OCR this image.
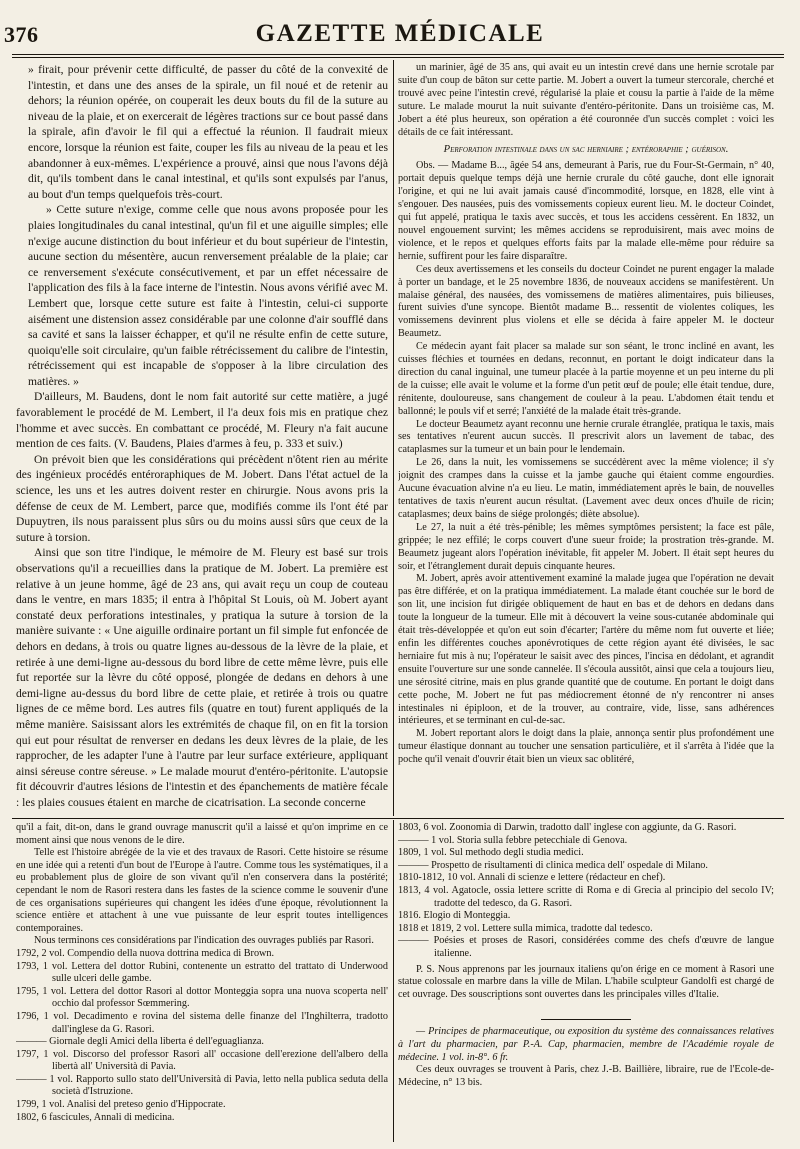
376	GAZETTE MÉDICALE

» firait, pour prévenir cette difficulté, de passer du côté de la convexité de l'intestin, et dans une des anses de la spirale, un fil noué et de retenir au dehors; la réunion opérée, on couperait les deux bouts du fil de la suture au niveau de la plaie, et on exercerait de légères tractions sur ce bout passé dans la spirale, afin d'avoir le fil qui a effectué la réunion. Il faudrait mieux encore, lorsque la réunion est faite, couper les fils au niveau de la peau et les abandonner à eux-mêmes. L'expérience a prouvé, ainsi que nous l'avons déjà dit, qu'ils tombent dans le canal intestinal, et qu'ils sont expulsés par l'anus, au bout d'un temps quelquefois très-court.

» Cette suture n'exige, comme celle que nous avons proposée pour les plaies longitudinales du canal intestinal, qu'un fil et une aiguille simples; elle n'exige aucune distinction du bout inférieur et du bout supérieur de l'intestin, aucune section du mésentère, aucun renversement préalable de la plaie; car ce renversement s'exécute consécutivement, et par un effet nécessaire de l'application des fils à la face interne de l'intestin. Nous avons vérifié avec M. Lembert que, lorsque cette suture est faite à l'intestin, celui-ci supporte aisément une distension assez considérable par une colonne d'air soufflé dans sa cavité et sans la laisser échapper, et qu'il ne résulte enfin de cette suture, quoiqu'elle soit circulaire, qu'un faible rétrécissement du calibre de l'intestin, rétrécissement qui est incapable de s'opposer à la libre circulation des matières. »

D'ailleurs, M. Baudens, dont le nom fait autorité sur cette matière, a jugé favorablement le procédé de M. Lembert, il l'a deux fois mis en pratique chez l'homme et avec succès. En combattant ce procédé, M. Fleury n'a fait aucune mention de ces faits. (V. Baudens, Plaies d'armes à feu, p. 333 et suiv.)

On prévoit bien que les considérations qui précèdent n'ôtent rien au mérite des ingénieux procédés entéroraphiques de M. Jobert. Dans l'état actuel de la science, les uns et les autres doivent rester en chirurgie. Nous avons pris la défense de ceux de M. Lembert, parce que, modifiés comme ils l'ont été par Dupuytren, ils nous paraissent plus sûrs ou du moins aussi sûrs que ceux de la suture à torsion.

Ainsi que son titre l'indique, le mémoire de M. Fleury est basé sur trois observations qu'il a recueillies dans la pratique de M. Jobert. La première est relative à un jeune homme, âgé de 23 ans, qui avait reçu un coup de couteau dans le ventre, en mars 1835; il entra à l'hôpital St Louis, où M. Jobert ayant constaté deux perforations intestinales, y pratiqua la suture à torsion de la manière suivante : « Une aiguille ordinaire portant un fil simple fut enfoncée de dehors en dedans, à trois ou quatre lignes au-dessous de la lèvre de la plaie, et retirée à une demi-ligne au-dessous du bord libre de cette même lèvre, puis elle fut reportée sur la lèvre du côté opposé, plongée de dedans en dehors à une demi-ligne au-dessus du bord libre de cette plaie, et retirée à trois ou quatre lignes de ce même bord. Les autres fils (quatre en tout) furent appliqués de la même manière. Saisissant alors les extrémités de chaque fil, on en fit la torsion qui eut pour résultat de renverser en dedans les deux lèvres de la plaie, de les rapprocher, de les adapter l'une à l'autre par leur surface extérieure, appliquant ainsi séreuse contre séreuse. » Le malade mourut d'entéro-péritonite. L'autopsie fit découvrir d'autres lésions de l'intestin et des épanchements de matière fécale : les plaies cousues étaient en marche de cicatrisation. La seconde concerne

un marinier, âgé de 35 ans, qui avait eu un intestin crevé dans une hernie scrotale par suite d'un coup de bâton sur cette partie. M. Jobert a ouvert la tumeur stercorale, cherché et trouvé avec peine l'intestin crevé, régularisé la plaie et cousu la partie à l'aide de la même suture. Le malade mourut la nuit suivante d'entéro-péritonite. Dans un troisième cas, M. Jobert a été plus heureux, son opération a été couronnée d'un succès complet : voici les détails de ce fait intéressant.

Perforation intestinale dans un sac herniaire ; entéroraphie ; guérison.

Obs. — Madame B..., âgée 54 ans, demeurant à Paris, rue du Four-St-Germain, n° 40, portait depuis quelque temps déjà une hernie crurale du côté gauche, dont elle ignorait l'origine, et qui ne lui avait jamais causé d'incommodité, lorsque, en 1828, elle vint à s'engouer. Des nausées, puis des vomissements copieux eurent lieu. M. le docteur Coindet, qui fut appelé, pratiqua le taxis avec succès, et tous les accidens cessèrent. En 1832, un nouvel engouement survint; les mêmes accidens se reproduisirent, mais avec moins de violence, et le repos et quelques efforts faits par la malade elle-même pour réduire sa hernie, suffirent pour les faire disparaître.

Ces deux avertissemens et les conseils du docteur Coindet ne purent engager la malade à porter un bandage, et le 25 novembre 1836, de nouveaux accidens se manifestèrent. Un malaise général, des nausées, des vomissemens de matières alimentaires, puis bilieuses, furent suivies d'une syncope. Bientôt madame B... ressentit de violentes coliques, les vomissemens devinrent plus violens et elle se décida à faire appeler M. le docteur Beaumetz.

Ce médecin ayant fait placer sa malade sur son séant, le tronc incliné en avant, les cuisses fléchies et tournées en dedans, reconnut, en portant le doigt indicateur dans la direction du canal inguinal, une tumeur placée à la partie moyenne et un peu interne du pli de la cuisse; elle avait le volume et la forme d'un petit œuf de poule; elle était tendue, dure, rénitente, douloureuse, sans changement de couleur à la peau. L'abdomen était tendu et ballonné; le pouls vif et serré; l'anxiété de la malade était très-grande.

Le docteur Beaumetz ayant reconnu une hernie crurale étranglée, pratiqua le taxis, mais ses tentatives n'eurent aucun succès. Il prescrivit alors un lavement de tabac, des cataplasmes sur la tumeur et un bain pour le lendemain.

Le 26, dans la nuit, les vomissemens se succédèrent avec la même violence; il s'y joignit des crampes dans la cuisse et la jambe gauche qui étaient comme engourdies. Aucune évacuation alvine n'a eu lieu. Le matin, immédiatement après le bain, de nouvelles tentatives de taxis n'eurent aucun résultat. (Lavement avec deux onces d'huile de ricin; cataplasmes; deux bains de siége prolongés; diète absolue).

Le 27, la nuit a été très-pénible; les mêmes symptômes persistent; la face est pâle, grippée; le nez effilé; le corps couvert d'une sueur froide; la prostration très-grande. M. Beaumetz jugeant alors l'opération inévitable, fit appeler M. Jobert. Il était sept heures du soir, et l'étranglement durait depuis cinquante heures.

M. Jobert, après avoir attentivement examiné la malade jugea que l'opération ne devait pas être différée, et on la pratiqua immédiatement. La malade étant couchée sur le bord de son lit, une incision fut dirigée obliquement de haut en bas et de dehors en dedans dans toute la longueur de la tumeur. Elle mit à découvert la veine sous-cutanée abdominale qui était très-développée et qu'on eut soin d'écarter; l'artère du même nom fut ouverte et liée; enfin les différentes couches aponévrotiques de cette région ayant été divisées, le sac herniaire fut mis à nu; l'opérateur le saisit avec des pinces, l'incisa en dédolant, et agrandit ensuite l'ouverture sur une sonde cannelée. Il s'écoula aussitôt, ainsi que cela a toujours lieu, une sérosité citrine, mais en plus grande quantité que de coutume. En portant le doigt dans cette poche, M. Jobert ne fut pas médiocrement étonné de n'y rencontrer ni anses intestinales ni épiploon, et de la trouver, au contraire, vide, lisse, sans adhérences intérieures, et se terminant en cul-de-sac.

M. Jobert reportant alors le doigt dans la plaie, annonça sentir plus profondément une tumeur élastique donnant au toucher une sensation particulière, et il s'arrêta à l'idée que la poche qu'il venait d'ouvrir était bien un vieux sac oblitéré,

qu'il a fait, dit-on, dans le grand ouvrage manuscrit qu'il a laissé et qu'on imprime en ce moment ainsi que nous venons de le dire.

Telle est l'histoire abrégée de la vie et des travaux de Rasori. Cette histoire se résume en une idée qui a retenti d'un bout de l'Europe à l'autre. Comme tous les systématiques, il a eu probablement plus de gloire de son vivant qu'il n'en conservera dans la postérité; cependant le nom de Rasori restera dans les fastes de la science comme le souvenir d'une de ces organisations supérieures qui changent les idées d'une époque, révolutionnent la science entière et attachent à une vue puissante de leur esprit toutes intelligences contemporaines.

Nous terminons ces considérations par l'indication des ouvrages publiés par Rasori.

1792, 2 vol. Compendio della nuova dottrina medica di Brown.

1793, 1 vol. Lettera del dottor Rubini, contenente un estratto del trattato di Underwood sulle ulceri delle gambe.

1795, 1 vol. Lettera del dottor Rasori al dottor Monteggia sopra una nuova scoperta nell' occhio dal professor Sœmmering.

1796, 1 vol. Decadimento e rovina del sistema delle finanze del l'Inghilterra, tradotto dall'inglese da G. Rasori.

——— Giornale degli Amici della liberta é dell'eguaglianza.

1797, 1 vol. Discorso del professor Rasori all' occasione dell'erezione dell'albero della libertà all' Università di Pavia.

——— 1 vol. Rapporto sullo stato dell'Università di Pavia, letto nella publica seduta della società d'Istruzione.

1799, 1 vol. Analisi del preteso genio d'Hippocrate.

1802, 6 fascicules, Annali di medicina.

1803, 6 vol. Zoonomia di Darwin, tradotto dall' inglese con aggiunte, da G. Rasori.

——— 1 vol. Storia sulla febbre petecchiale di Genova.

1809, 1 vol. Sul methodo degli studia medici.

——— Prospetto de risultamenti di clinica medica dell' ospedale di Milano.

1810-1812, 10 vol. Annali di scienze e lettere (rédacteur en chef).

1813, 4 vol. Agatocle, ossia lettere scritte di Roma e di Grecia al principio del secolo IV; tradotte del tedesco, da G. Rasori.

1816. Elogio di Monteggia.

1818 et 1819, 2 vol. Lettere sulla mimica, tradotte dal tedesco.

——— Poésies et proses de Rasori, considérées comme des chefs d'œuvre de langue italienne.

P. S. Nous apprenons par les journaux italiens qu'on érige en ce moment à Rasori une statue colossale en marbre dans la ville de Milan. L'habile sculpteur Gandolfi est chargé de cet ouvrage. Des souscriptions sont ouvertes dans les principales villes d'Italie.

— Principes de pharmaceutique, ou exposition du système des connaissances relatives à l'art du pharmacien, par P.-A. Cap, pharmacien, membre de l'Académie royale de médecine. 1 vol. in-8°. 6 fr.

Ces deux ouvrages se trouvent à Paris, chez J.-B. Baillière, libraire, rue de l'Ecole-de-Médecine, n° 13 bis.
